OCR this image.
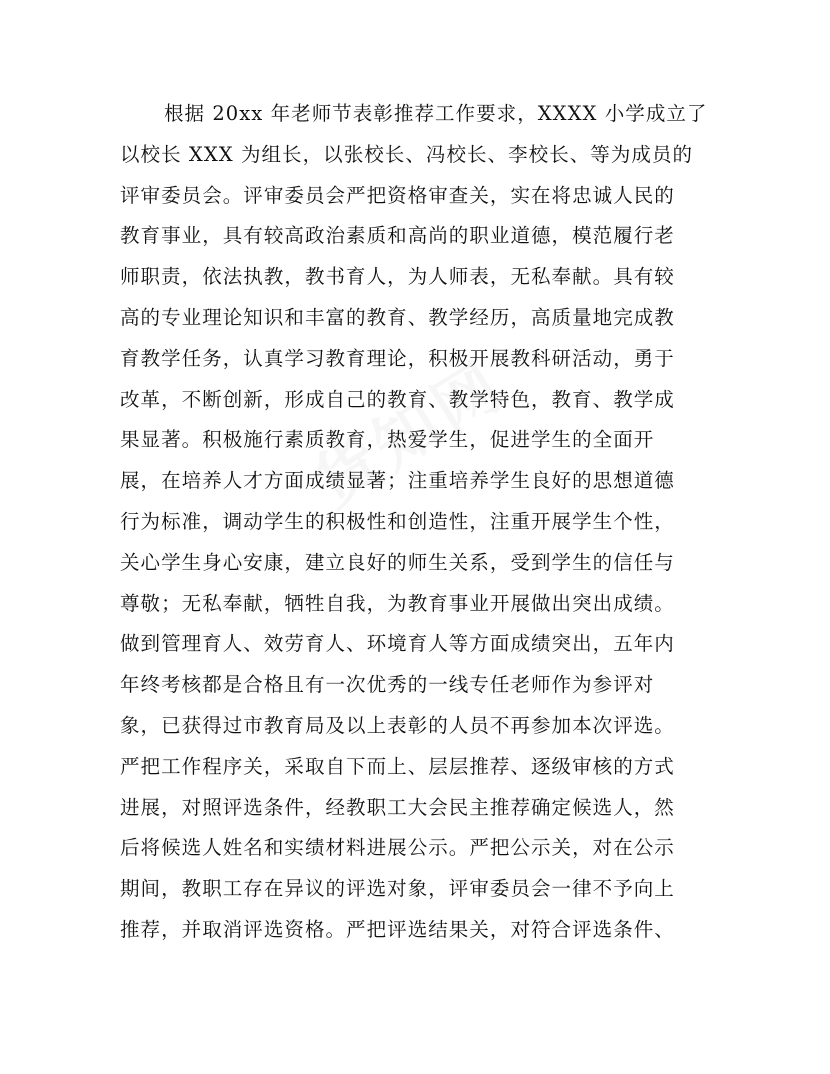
根据 20xx 年老师节表彰推荐工作要求，XXXX 小学成立了
以校长 XXX 为组长，以张校长、冯校长、李校长、等为成员的
评审委员会。评审委员会严把资格审查关，实在将忠诚人民的
教育事业，具有较高政治素质和高尚的职业道德，模范履行老
师职责，依法执教，教书育人，为人师表，无私奉献。具有较
高的专业理论知识和丰富的教育、教学经历，高质量地完成教
育教学任务，认真学习教育理论，积极开展教科研活动，勇于
改革，不断创新，形成自己的教育、教学特色，教育、教学成
果显著。积极施行素质教育，热爱学生，促进学生的全面开
展，在培养人才方面成绩显著；注重培养学生良好的思想道德
行为标准，调动学生的积极性和创造性，注重开展学生个性，
关心学生身心安康，建立良好的师生关系，受到学生的信任与
尊敬；无私奉献，牺牲自我，为教育事业开展做出突出成绩。
做到管理育人、效劳育人、环境育人等方面成绩突出，五年内
年终考核都是合格且有一次优秀的一线专任老师作为参评对
象，已获得过市教育局及以上表彰的人员不再参加本次评选。
严把工作程序关，采取自下而上、层层推荐、逐级审核的方式
进展，对照评选条件，经教职工大会民主推荐确定候选人，然
后将候选人姓名和实绩材料进展公示。严把公示关，对在公示
期间，教职工存在异议的评选对象，评审委员会一律不予向上
推荐，并取消评选资格。严把评选结果关，对符合评选条件、
